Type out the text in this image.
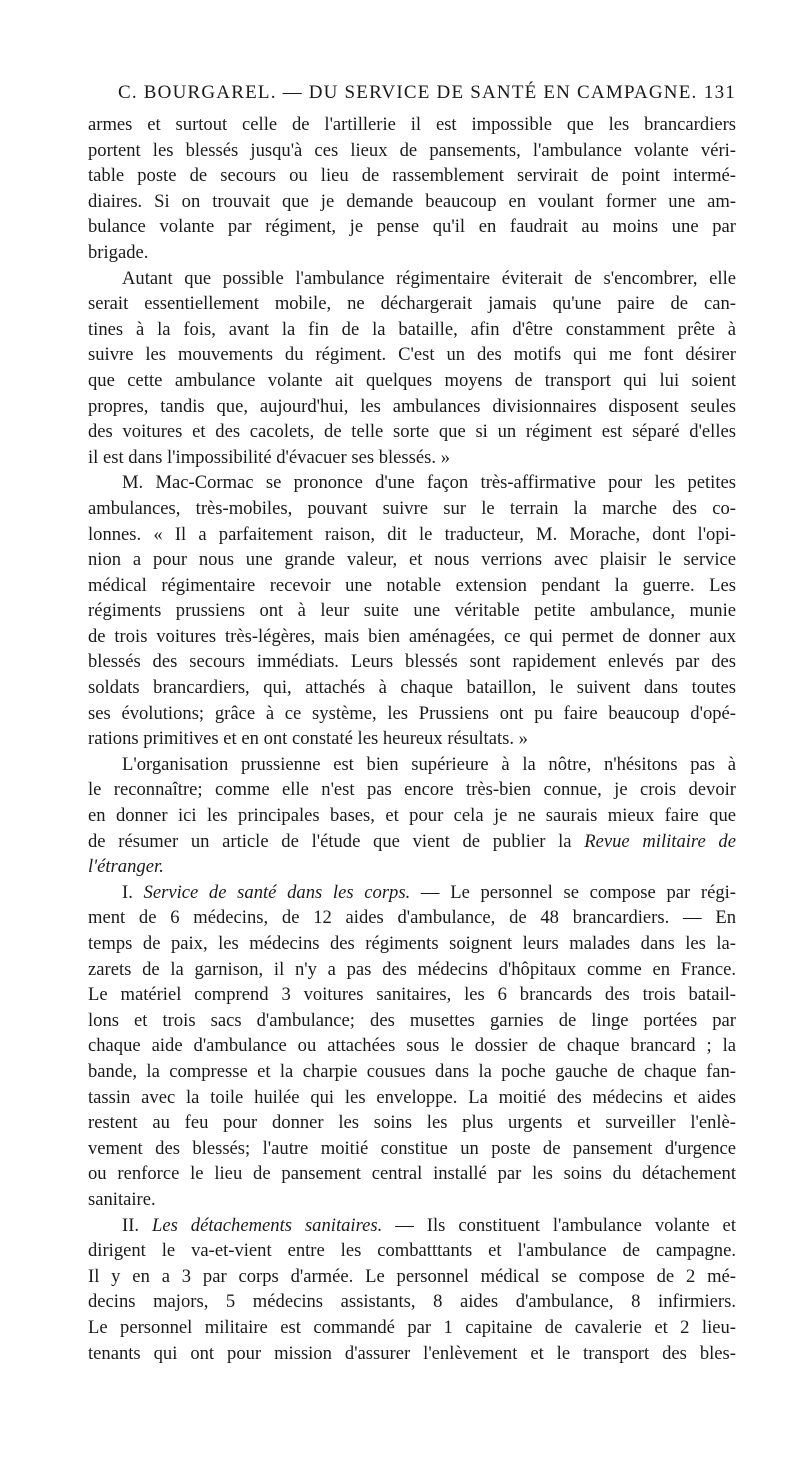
C. BOURGAREL. — DU SERVICE DE SANTÉ EN CAMPAGNE. 131
armes et surtout celle de l'artillerie il est impossible que les brancardiers
portent les blessés jusqu'à ces lieux de pansements, l'ambulance volante véri-
table poste de secours ou lieu de rassemblement servirait de point intermé-
diaires. Si on trouvait que je demande beaucoup en voulant former une am-
bulance volante par régiment, je pense qu'il en faudrait au moins une par
brigade.
Autant que possible l'ambulance régimentaire éviterait de s'encombrer, elle
serait essentiellement mobile, ne déchargerait jamais qu'une paire de can-
tines à la fois, avant la fin de la bataille, afin d'être constamment prête à
suivre les mouvements du régiment. C'est un des motifs qui me font désirer
que cette ambulance volante ait quelques moyens de transport qui lui soient
propres, tandis que, aujourd'hui, les ambulances divisionnaires disposent seules
des voitures et des cacolets, de telle sorte que si un régiment est séparé d'elles
il est dans l'impossibilité d'évacuer ses blessés. »
M. Mac-Cormac se prononce d'une façon très-affirmative pour les petites
ambulances, très-mobiles, pouvant suivre sur le terrain la marche des co-
lonnes. « Il a parfaitement raison, dit le traducteur, M. Morache, dont l'opi-
nion a pour nous une grande valeur, et nous verrions avec plaisir le service
médical régimentaire recevoir une notable extension pendant la guerre. Les
régiments prussiens ont à leur suite une véritable petite ambulance, munie
de trois voitures très-légères, mais bien aménagées, ce qui permet de donner aux
blessés des secours immédiats. Leurs blessés sont rapidement enlevés par des
soldats brancardiers, qui, attachés à chaque bataillon, le suivent dans toutes
ses évolutions; grâce à ce système, les Prussiens ont pu faire beaucoup d'opé-
rations primitives et en ont constaté les heureux résultats. »
L'organisation prussienne est bien supérieure à la nôtre, n'hésitons pas à
le reconnaître; comme elle n'est pas encore très-bien connue, je crois devoir
en donner ici les principales bases, et pour cela je ne saurais mieux faire que
de résumer un article de l'étude que vient de publier la Revue militaire de
l'étranger.
I. Service de santé dans les corps. — Le personnel se compose par régi-
ment de 6 médecins, de 12 aides d'ambulance, de 48 brancardiers. — En
temps de paix, les médecins des régiments soignent leurs malades dans les la-
zarets de la garnison, il n'y a pas des médecins d'hôpitaux comme en France.
Le matériel comprend 3 voitures sanitaires, les 6 brancards des trois batail-
lons et trois sacs d'ambulance; des musettes garnies de linge portées par
chaque aide d'ambulance ou attachées sous le dossier de chaque brancard ; la
bande, la compresse et la charpie cousues dans la poche gauche de chaque fan-
tassin avec la toile huilée qui les enveloppe. La moitié des médecins et aides
restent au feu pour donner les soins les plus urgents et surveiller l'enlè-
vement des blessés; l'autre moitié constitue un poste de pansement d'urgence
ou renforce le lieu de pansement central installé par les soins du détachement
sanitaire.
II. Les détachements sanitaires. — Ils constituent l'ambulance volante et
dirigent le va-et-vient entre les combatttants et l'ambulance de campagne.
Il y en a 3 par corps d'armée. Le personnel médical se compose de 2 mé-
decins majors, 5 médecins assistants, 8 aides d'ambulance, 8 infirmiers.
Le personnel militaire est commandé par 1 capitaine de cavalerie et 2 lieu-
tenants qui ont pour mission d'assurer l'enlèvement et le transport des bles-
